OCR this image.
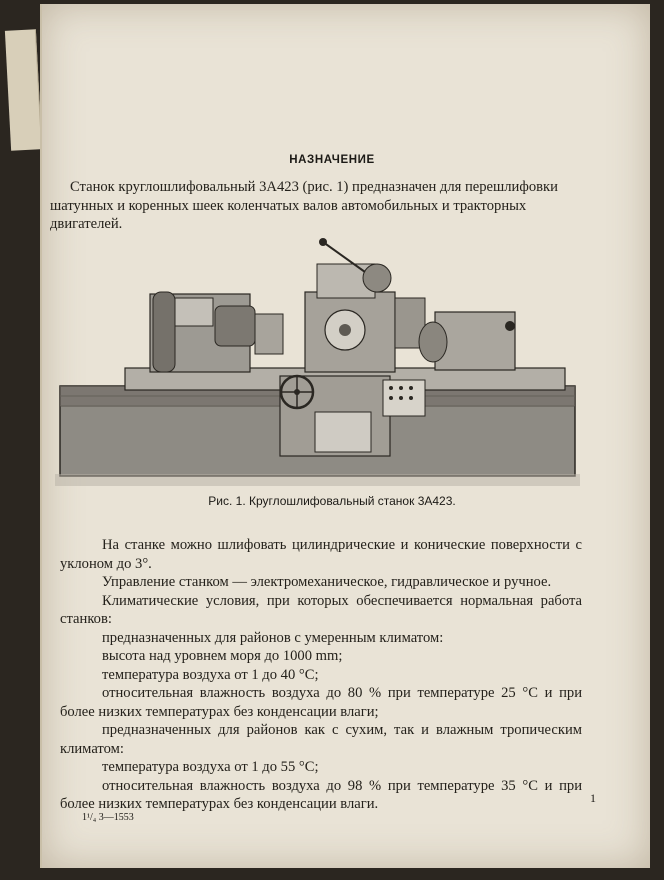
НАЗНАЧЕНИЕ

Станок круглошлифовальный 3А423 (рис. 1) предназначен для перешлифовки шатунных и коренных шеек коленчатых валов автомобильных и тракторных двигателей.

Рис. 1. Круглошлифовальный станок 3А423.

На станке можно шлифовать цилиндрические и конические поверхности с уклоном до 3°.

Управление станком — электромеханическое, гидравлическое и ручное.

Климатические условия, при которых обеспечивается нормальная работа станков:

предназначенных для районов с умеренным климатом:

высота над уровнем моря до 1000 mm;

температура воздуха от 1 до 40 °С;

относительная влажность воздуха до 80 % при температуре 25 °С и при более низких температурах без конденсации влаги;

предназначенных для районов как с сухим, так и влажным тропическим климатом:

температура воздуха от 1 до 55 °С;

относительная влажность воздуха до 98 % при температуре 35 °С и при более низких температурах без конденсации влаги.	1
1¹/₄ 3—1553
